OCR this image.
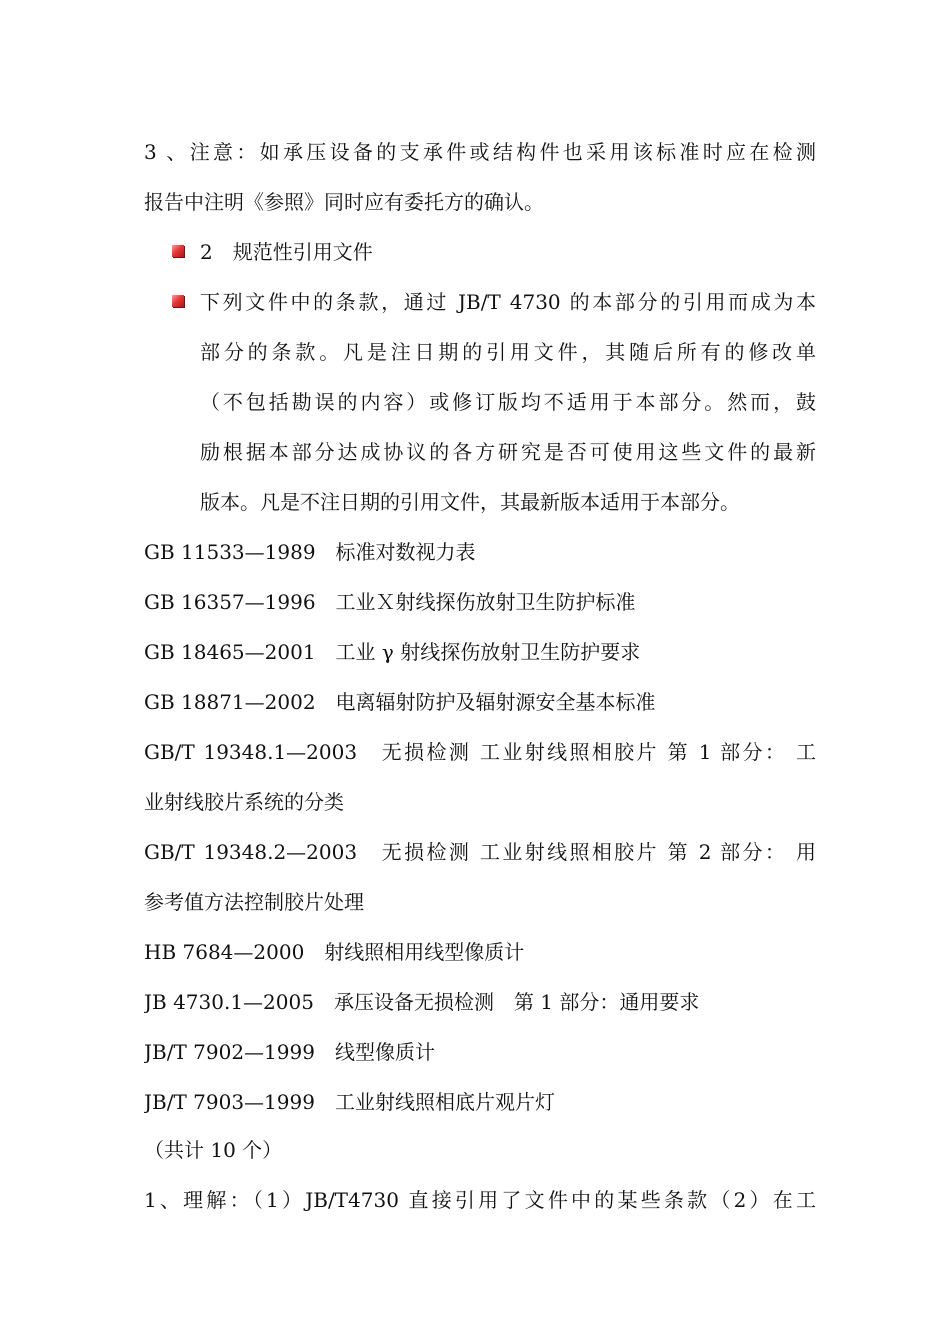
3 、注意：如承压设备的支承件或结构件也采用该标准时应在检测
报告中注明《参照》同时应有委托方的确认。
2　规范性引用文件
下列文件中的条款，通过 JB/T 4730 的本部分的引用而成为本
部分的条款。凡是注日期的引用文件，其随后所有的修改单
（不包括勘误的内容）或修订版均不适用于本部分。然而，鼓
励根据本部分达成协议的各方研究是否可使用这些文件的最新
版本。凡是不注日期的引用文件，其最新版本适用于本部分。
GB 11533—1989　标准对数视力表
GB 16357—1996　工业Ｘ射线探伤放射卫生防护标准
GB 18465—2001　工业 γ 射线探伤放射卫生防护要求
GB 18871—2002　电离辐射防护及辐射源安全基本标准
GB/T 19348.1—2003　无损检测 工业射线照相胶片 第 1 部分： 工
业射线胶片系统的分类
GB/T 19348.2—2003　无损检测 工业射线照相胶片 第 2 部分： 用
参考值方法控制胶片处理
HB 7684—2000　射线照相用线型像质计
JB 4730.1—2005　承压设备无损检测　第 1 部分：通用要求
JB/T 7902—1999　线型像质计
JB/T 7903—1999　工业射线照相底片观片灯
（共计 10 个）
1、理解：（1）JB/T4730 直接引用了文件中的某些条款（2）在工
